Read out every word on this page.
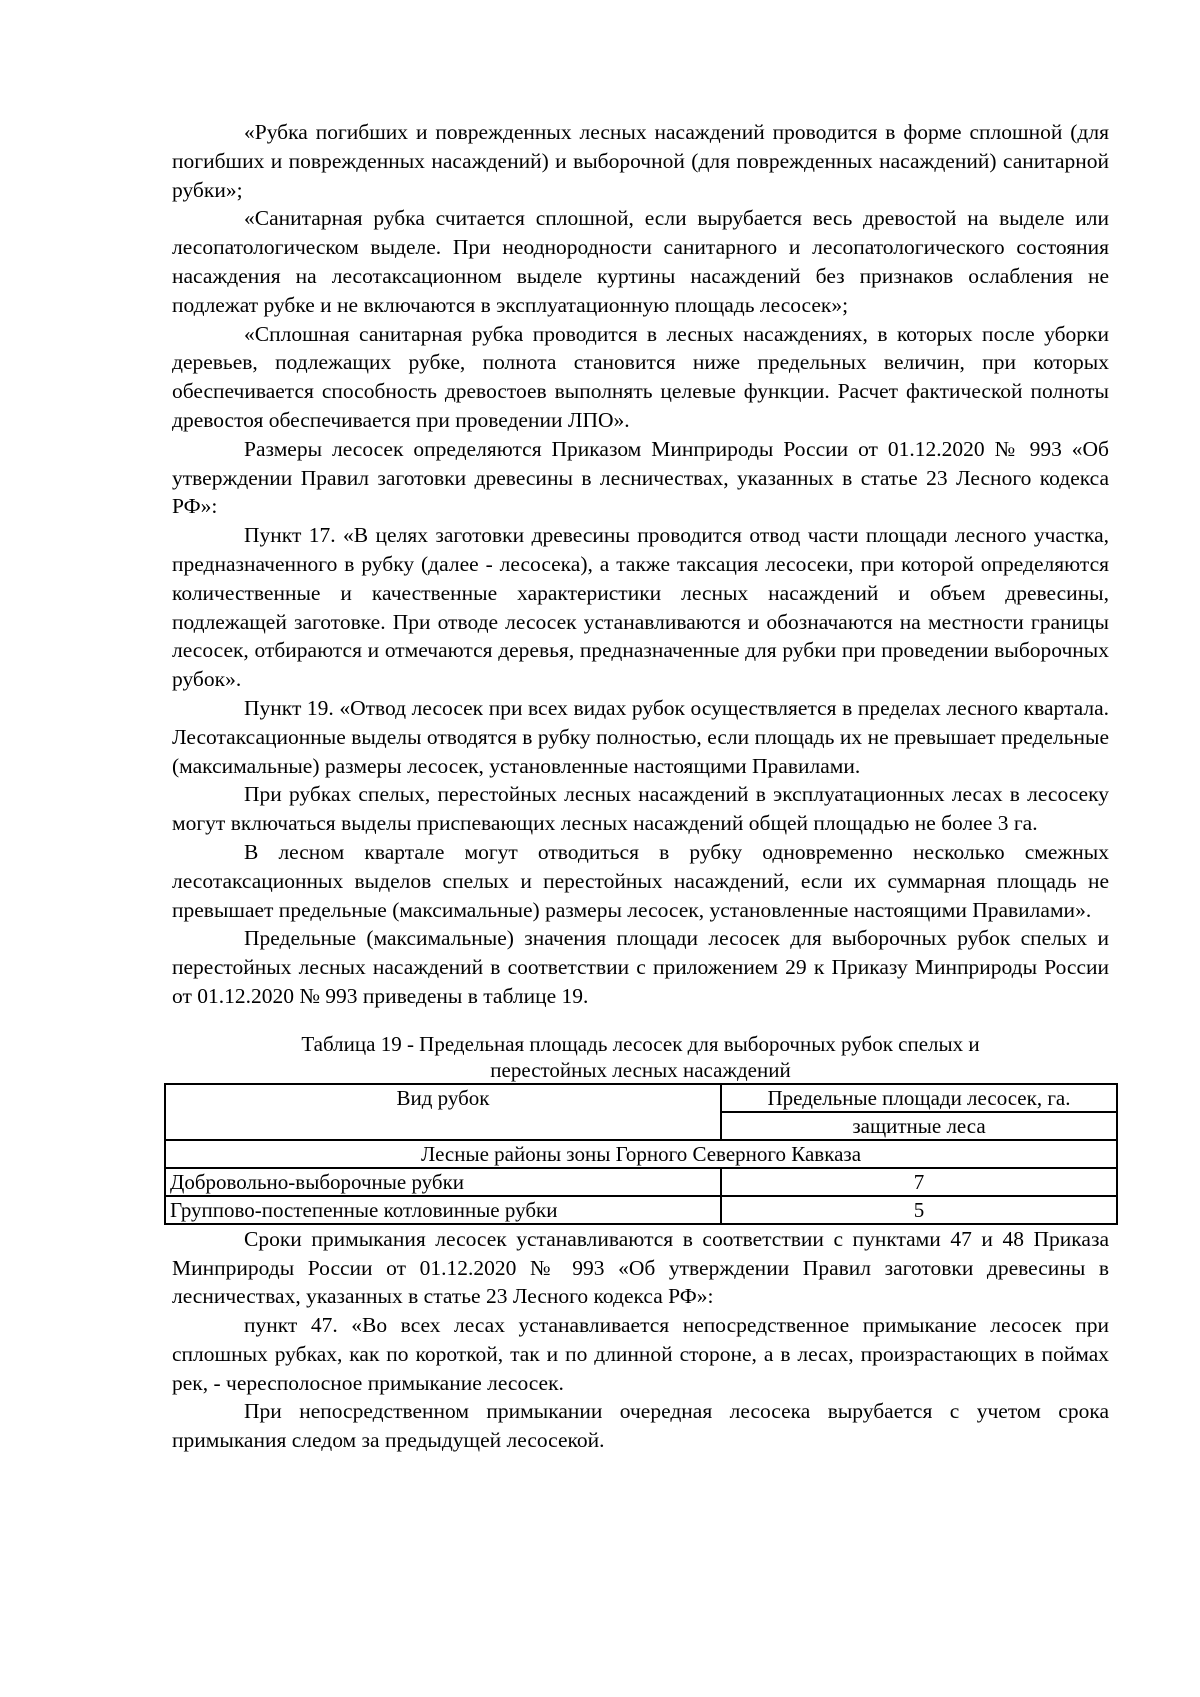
«Рубка погибших и поврежденных лесных насаждений проводится в форме сплошной (для погибших и поврежденных насаждений) и выборочной (для поврежденных насаждений) санитарной рубки»;

«Санитарная рубка считается сплошной, если вырубается весь древостой на выделе или лесопатологическом выделе. При неоднородности санитарного и лесопатологического состояния насаждения на лесотаксационном выделе куртины насаждений без признаков ослабления не подлежат рубке и не включаются в эксплуатационную площадь лесосек»;

«Сплошная санитарная рубка проводится в лесных насаждениях, в которых после уборки деревьев, подлежащих рубке, полнота становится ниже предельных величин, при которых обеспечивается способность древостоев выполнять целевые функции. Расчет фактической полноты древостоя обеспечивается при проведении ЛПО».

Размеры лесосек определяются Приказом Минприроды России от 01.12.2020 № 993 «Об утверждении Правил заготовки древесины в лесничествах, указанных в статье 23 Лесного кодекса РФ»:

Пункт 17. «В целях заготовки древесины проводится отвод части площади лесного участка, предназначенного в рубку (далее - лесосека), а также таксация лесосеки, при которой определяются количественные и качественные характеристики лесных насаждений и объем древесины, подлежащей заготовке. При отводе лесосек устанавливаются и обозначаются на местности границы лесосек, отбираются и отмечаются деревья, предназначенные для рубки при проведении выборочных рубок».

Пункт 19. «Отвод лесосек при всех видах рубок осуществляется в пределах лесного квартала. Лесотаксационные выделы отводятся в рубку полностью, если площадь их не превышает предельные (максимальные) размеры лесосек, установленные настоящими Правилами.

При рубках спелых, перестойных лесных насаждений в эксплуатационных лесах в лесосеку могут включаться выделы приспевающих лесных насаждений общей площадью не более 3 га.

В лесном квартале могут отводиться в рубку одновременно несколько смежных лесотаксационных выделов спелых и перестойных насаждений, если их суммарная площадь не превышает предельные (максимальные) размеры лесосек, установленные настоящими Правилами».

Предельные (максимальные) значения площади лесосек для выборочных рубок спелых и перестойных лесных насаждений в соответствии с приложением 29 к Приказу Минприроды России от 01.12.2020 № 993 приведены в таблице 19.

Таблица 19 - Предельная площадь лесосек для выборочных рубок спелых и
перестойных лесных насаждений
Вид рубок	Предельные площади лесосек, га.
	защитные леса
Лесные районы зоны Горного Северного Кавказа	
Добровольно-выборочные рубки	7
Группово-постепенные котловинные рубки	5

Сроки примыкания лесосек устанавливаются в соответствии с пунктами 47 и 48 Приказа Минприроды России от 01.12.2020 № 993 «Об утверждении Правил заготовки древесины в лесничествах, указанных в статье 23 Лесного кодекса РФ»:

пункт 47. «Во всех лесах устанавливается непосредственное примыкание лесосек при сплошных рубках, как по короткой, так и по длинной стороне, а в лесах, произрастающих в поймах рек, - чересполосное примыкание лесосек.

При непосредственном примыкании очередная лесосека вырубается с учетом срока примыкания следом за предыдущей лесосекой.
